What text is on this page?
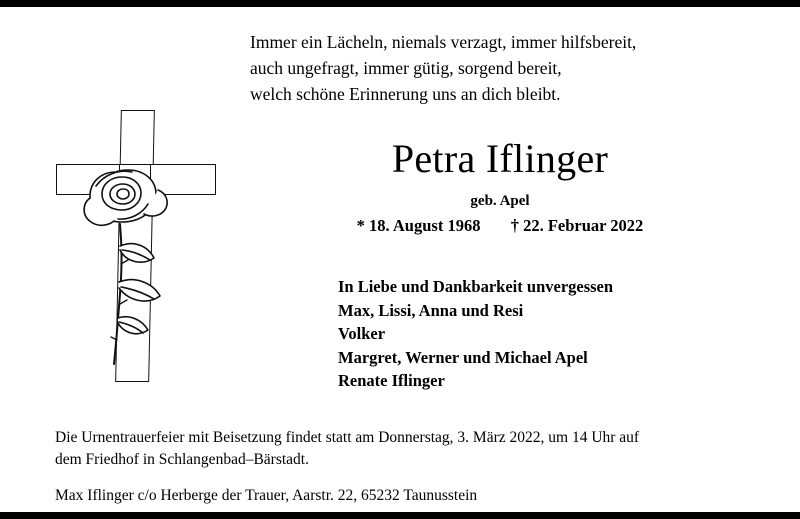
Immer ein Lächeln, niemals verzagt, immer hilfsbereit,
auch ungefragt, immer gütig, sorgend bereit,
welch schöne Erinnerung uns an dich bleibt.
Petra Iflinger
geb. Apel
* 18. August 1968 † 22. Februar 2022
In Liebe und Dankbarkeit unvergessen
Max, Lissi, Anna und Resi
Volker
Margret, Werner und Michael Apel
Renate Iflinger
Die Urnentrauerfeier mit Beisetzung findet statt am Donnerstag, 3. März 2022, um 14 Uhr auf
dem Friedhof in Schlangenbad–Bärstadt.
Max Iflinger c/o Herberge der Trauer, Aarstr. 22, 65232 Taunusstein
